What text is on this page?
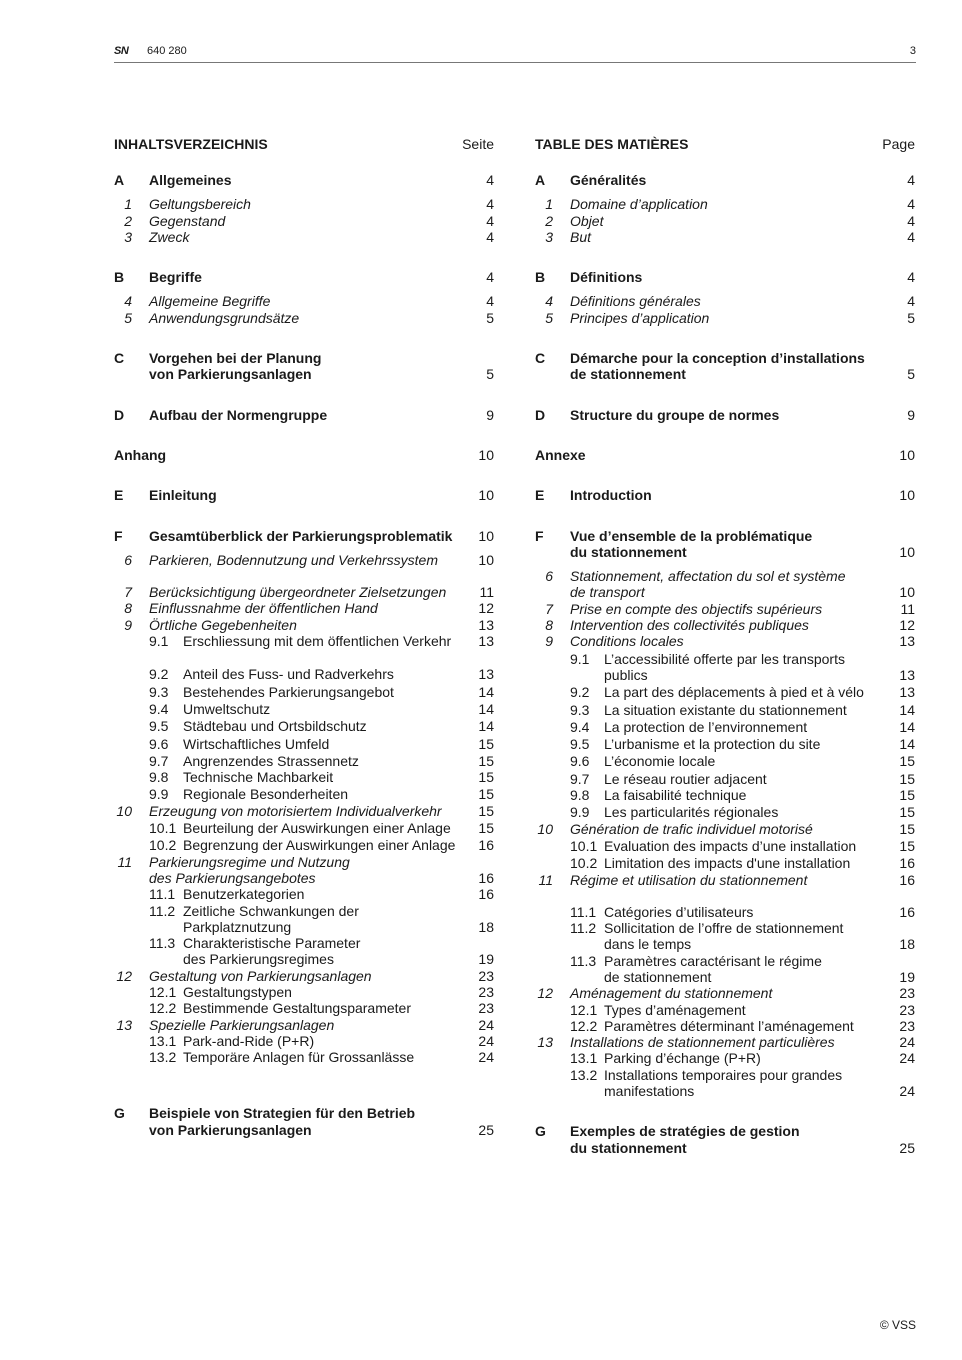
SN 640 280	3
INHALTSVERZEICHNIS	Seite
A Allgemeines	4
1 Geltungsbereich	4
2 Gegenstand	4
3 Zweck	4
B Begriffe	4
4 Allgemeine Begriffe	4
5 Anwendungsgrundsätze	5
C Vorgehen bei der Planung
von Parkierungsanlagen	5
D Aufbau der Normengruppe	9
Anhang	10
E Einleitung	10
F Gesamtüberblick der Parkierungsproblematik	10
6 Parkieren, Bodennutzung und Verkehrssystem	10
7 Berücksichtigung übergeordneter Zielsetzungen	11
8 Einflussnahme der öffentlichen Hand	12
9 Örtliche Gegebenheiten	13
9.1 Erschliessung mit dem öffentlichen Verkehr	13
9.2 Anteil des Fuss- und Radverkehrs	13
9.3 Bestehendes Parkierungsangebot	14
9.4 Umweltschutz	14
9.5 Städtebau und Ortsbildschutz	14
9.6 Wirtschaftliches Umfeld	15
9.7 Angrenzendes Strassennetz	15
9.8 Technische Machbarkeit	15
9.9 Regionale Besonderheiten	15
10 Erzeugung von motorisiertem Individualverkehr	15
10.1 Beurteilung der Auswirkungen einer Anlage	15
10.2 Begrenzung der Auswirkungen einer Anlage	16
11 Parkierungsregime und Nutzung
des Parkierungsangebotes	16
11.1 Benutzerkategorien	16
11.2 Zeitliche Schwankungen der
Parkplatznutzung	18
11.3 Charakteristische Parameter
des Parkierungsregimes	19
12 Gestaltung von Parkierungsanlagen	23
12.1 Gestaltungstypen	23
12.2 Bestimmende Gestaltungsparameter	23
13 Spezielle Parkierungsanlagen	24
13.1 Park-and-Ride (P+R)	24
13.2 Temporäre Anlagen für Grossanlässe	24
G Beispiele von Strategien für den Betrieb
von Parkierungsanlagen	25
TABLE DES MATIÈRES	Page
A Généralités	4
1 Domaine d’application	4
2 Objet	4
3 But	4
B Définitions	4
4 Définitions générales	4
5 Principes d’application	5
C Démarche pour la conception d’installations
de stationnement	5
D Structure du groupe de normes	9
Annexe	10
E Introduction	10
F Vue d’ensemble de la problématique
du stationnement	10
6 Stationnement, affectation du sol et système
de transport	10
7 Prise en compte des objectifs supérieurs	11
8 Intervention des collectivités publiques	12
9 Conditions locales	13
9.1 L’accessibilité offerte par les transports
publics	13
9.2 La part des déplacements à pied et à vélo	13
9.3 La situation existante du stationnement	14
9.4 La protection de l’environnement	14
9.5 L’urbanisme et la protection du site	14
9.6 L’économie locale	15
9.7 Le réseau routier adjacent	15
9.8 La faisabilité technique	15
9.9 Les particularités régionales	15
10 Génération de trafic individuel motorisé	15
10.1 Evaluation des impacts d’une installation	15
10.2 Limitation des impacts d'une installation	16
11 Régime et utilisation du stationnement	16
11.1 Catégories d’utilisateurs	16
11.2 Sollicitation de l’offre de stationnement
dans le temps	18
11.3 Paramètres caractérisant le régime
de stationnement	19
12 Aménagement du stationnement	23
12.1 Types d’aménagement	23
12.2 Paramètres déterminant l’aménagement	23
13 Installations de stationnement particulières	24
13.1 Parking d’échange (P+R)	24
13.2 Installations temporaires pour grandes
manifestations	24
G Exemples de stratégies de gestion
du stationnement	25
© VSS
